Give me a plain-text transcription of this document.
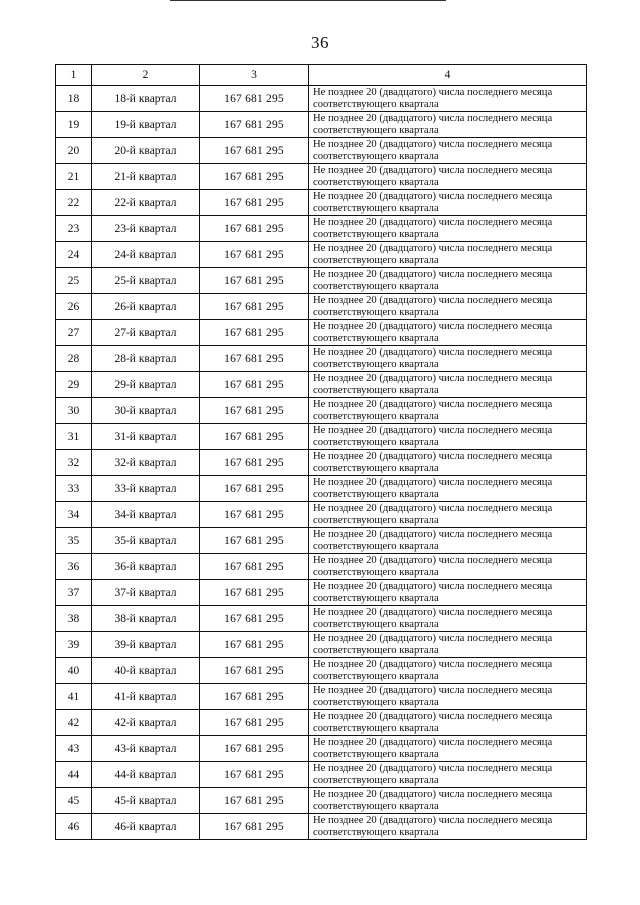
36
1	2	3	4
18	18-й квартал	167 681 295	Не позднее 20 (двадцатого) числа последнего месяца
соответствующего квартала

19	19-й квартал	167 681 295	Не позднее 20 (двадцатого) числа последнего месяца
соответствующего квартала

20	20-й квартал	167 681 295	Не позднее 20 (двадцатого) числа последнего месяца
соответствующего квартала

21	21-й квартал	167 681 295	Не позднее 20 (двадцатого) числа последнего месяца
соответствующего квартала

22	22-й квартал	167 681 295	Не позднее 20 (двадцатого) числа последнего месяца
соответствующего квартала

23	23-й квартал	167 681 295	Не позднее 20 (двадцатого) числа последнего месяца
соответствующего квартала

24	24-й квартал	167 681 295	Не позднее 20 (двадцатого) числа последнего месяца
соответствующего квартала

25	25-й квартал	167 681 295	Не позднее 20 (двадцатого) числа последнего месяца
соответствующего квартала

26	26-й квартал	167 681 295	Не позднее 20 (двадцатого) числа последнего месяца
соответствующего квартала

27	27-й квартал	167 681 295	Не позднее 20 (двадцатого) числа последнего месяца
соответствующего квартала

28	28-й квартал	167 681 295	Не позднее 20 (двадцатого) числа последнего месяца
соответствующего квартала

29	29-й квартал	167 681 295	Не позднее 20 (двадцатого) числа последнего месяца
соответствующего квартала

30	30-й квартал	167 681 295	Не позднее 20 (двадцатого) числа последнего месяца
соответствующего квартала

31	31-й квартал	167 681 295	Не позднее 20 (двадцатого) числа последнего месяца
соответствующего квартала

32	32-й квартал	167 681 295	Не позднее 20 (двадцатого) числа последнего месяца
соответствующего квартала

33	33-й квартал	167 681 295	Не позднее 20 (двадцатого) числа последнего месяца
соответствующего квартала

34	34-й квартал	167 681 295	Не позднее 20 (двадцатого) числа последнего месяца
соответствующего квартала

35	35-й квартал	167 681 295	Не позднее 20 (двадцатого) числа последнего месяца
соответствующего квартала

36	36-й квартал	167 681 295	Не позднее 20 (двадцатого) числа последнего месяца
соответствующего квартала

37	37-й квартал	167 681 295	Не позднее 20 (двадцатого) числа последнего месяца
соответствующего квартала

38	38-й квартал	167 681 295	Не позднее 20 (двадцатого) числа последнего месяца
соответствующего квартала

39	39-й квартал	167 681 295	Не позднее 20 (двадцатого) числа последнего месяца
соответствующего квартала

40	40-й квартал	167 681 295	Не позднее 20 (двадцатого) числа последнего месяца
соответствующего квартала

41	41-й квартал	167 681 295	Не позднее 20 (двадцатого) числа последнего месяца
соответствующего квартала

42	42-й квартал	167 681 295	Не позднее 20 (двадцатого) числа последнего месяца
соответствующего квартала

43	43-й квартал	167 681 295	Не позднее 20 (двадцатого) числа последнего месяца
соответствующего квартала

44	44-й квартал	167 681 295	Не позднее 20 (двадцатого) числа последнего месяца
соответствующего квартала

45	45-й квартал	167 681 295	Не позднее 20 (двадцатого) числа последнего месяца
соответствующего квартала

46	46-й квартал	167 681 295	Не позднее 20 (двадцатого) числа последнего месяца
соответствующего квартала
